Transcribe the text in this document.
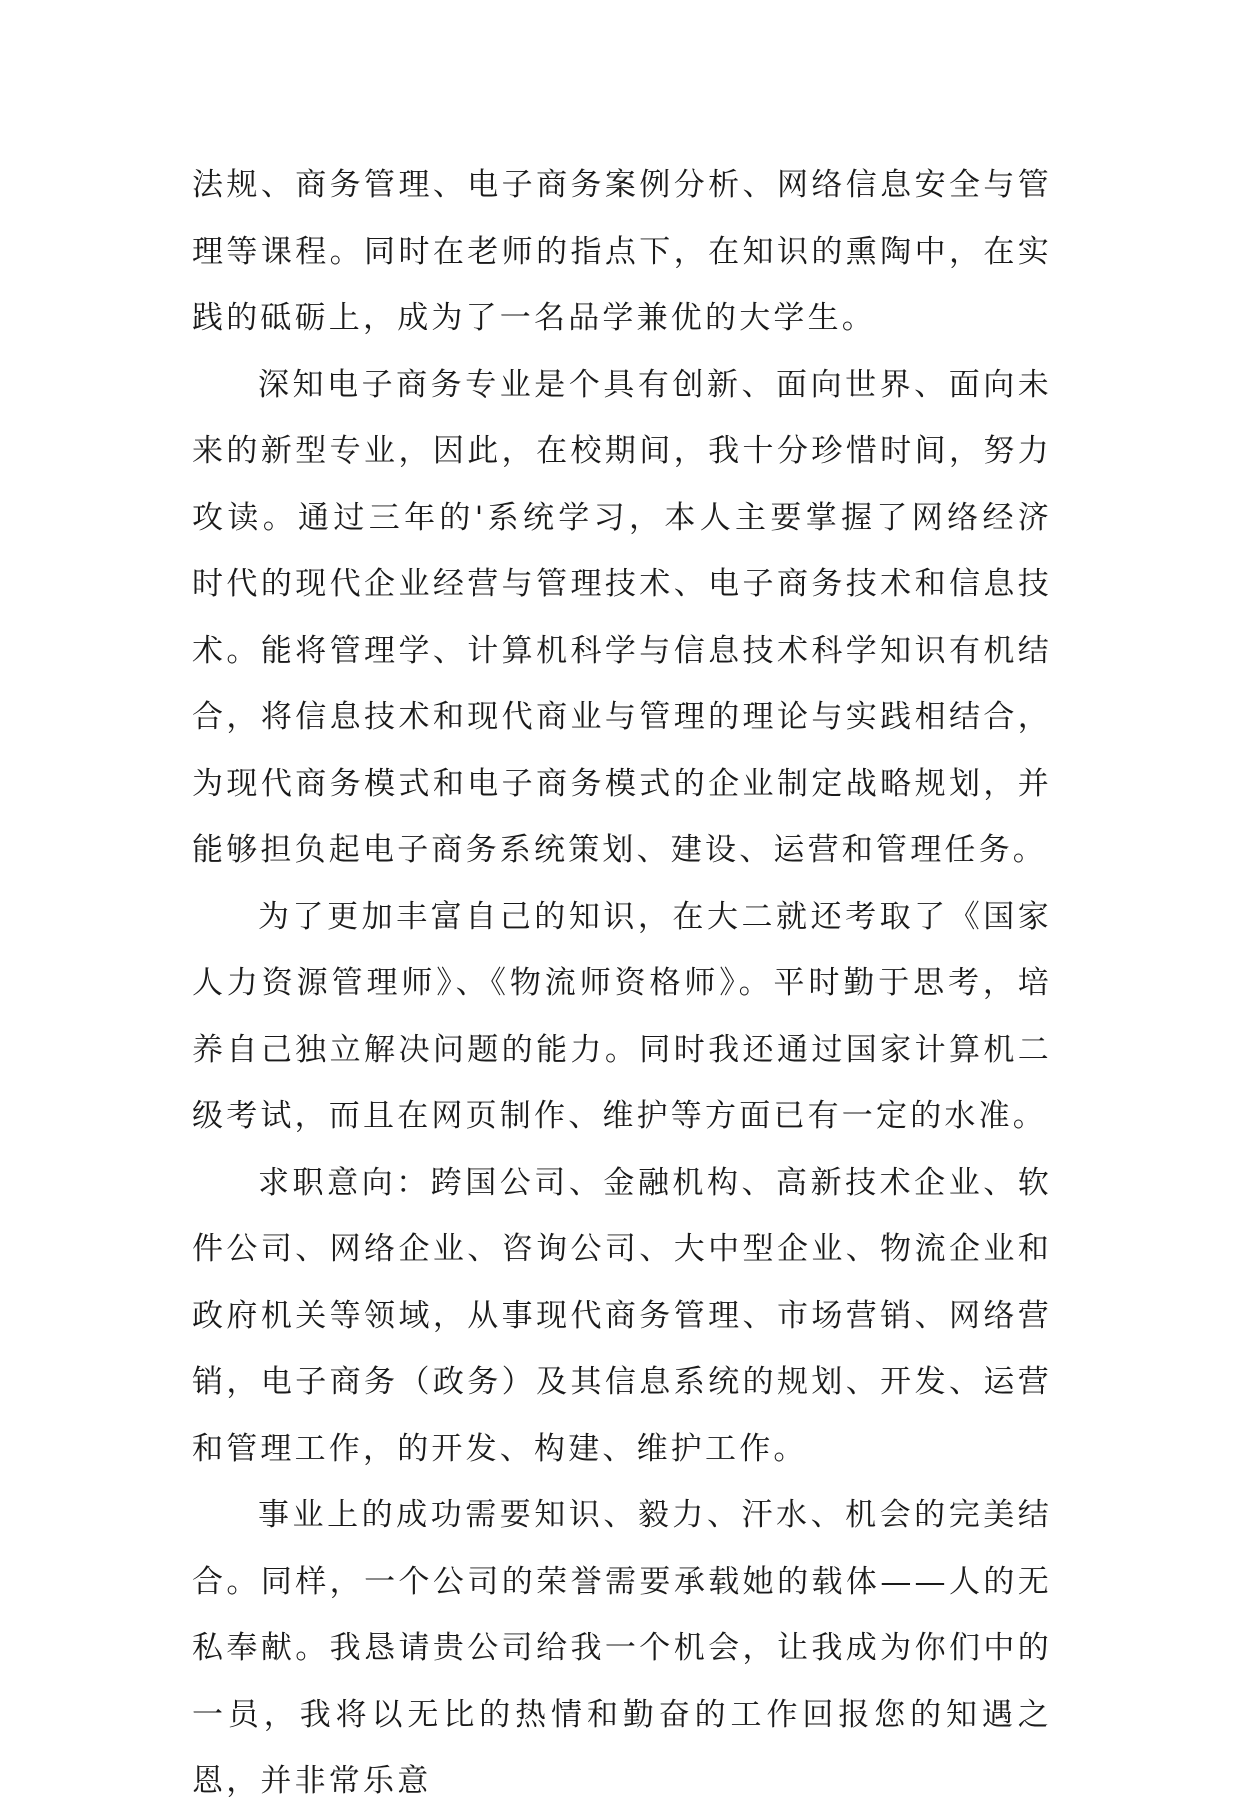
法规、商务管理、电子商务案例分析、网络信息安全与管理等课程。同时在老师的指点下，在知识的熏陶中，在实践的砥砺上，成为了一名品学兼优的大学生。

深知电子商务专业是个具有创新、面向世界、面向未来的新型专业，因此，在校期间，我十分珍惜时间，努力攻读。通过三年的'系统学习，本人主要掌握了网络经济时代的现代企业经营与管理技术、电子商务技术和信息技术。能将管理学、计算机科学与信息技术科学知识有机结合，将信息技术和现代商业与管理的理论与实践相结合，为现代商务模式和电子商务模式的企业制定战略规划，并能够担负起电子商务系统策划、建设、运营和管理任务。

为了更加丰富自己的知识，在大二就还考取了《国家人力资源管理师》、《物流师资格师》。平时勤于思考，培养自己独立解决问题的能力。同时我还通过国家计算机二级考试，而且在网页制作、维护等方面已有一定的水准。

求职意向：跨国公司、金融机构、高新技术企业、软件公司、网络企业、咨询公司、大中型企业、物流企业和政府机关等领域，从事现代商务管理、市场营销、网络营销，电子商务（政务）及其信息系统的规划、开发、运营和管理工作，的开发、构建、维护工作。

事业上的成功需要知识、毅力、汗水、机会的完美结合。同样，一个公司的荣誉需要承载她的载体——人的无私奉献。我恳请贵公司给我一个机会，让我成为你们中的一员，我将以无比的热情和勤奋的工作回报您的知遇之恩，并非常乐意
